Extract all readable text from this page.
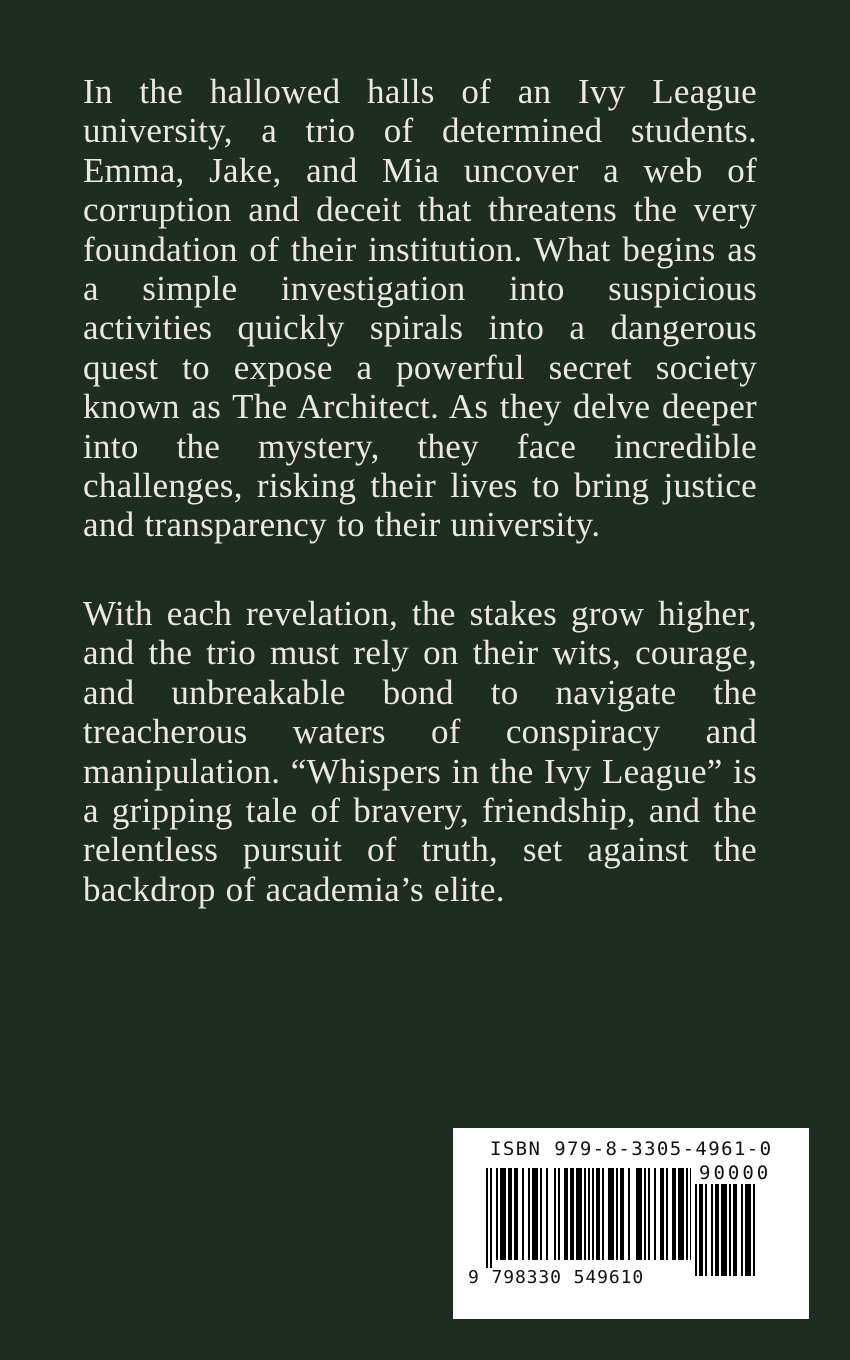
In the hallowed halls of an Ivy League university, a trio of determined students. Emma, Jake, and Mia uncover a web of corruption and deceit that threatens the very foundation of their institution. What begins as a simple investigation into suspicious activities quickly spirals into a dangerous quest to expose a powerful secret society known as The Architect. As they delve deeper into the mystery, they face incredible challenges, risking their lives to bring justice and transparency to their university.

With each revelation, the stakes grow higher, and the trio must rely on their wits, courage, and unbreakable bond to navigate the treacherous waters of conspiracy and manipulation. “Whispers in the Ivy League” is a gripping tale of bravery, friendship, and the relentless pursuit of truth, set against the backdrop of academia’s elite.

ISBN 979-8-3305-4961-0
9 798330 549610
90000
